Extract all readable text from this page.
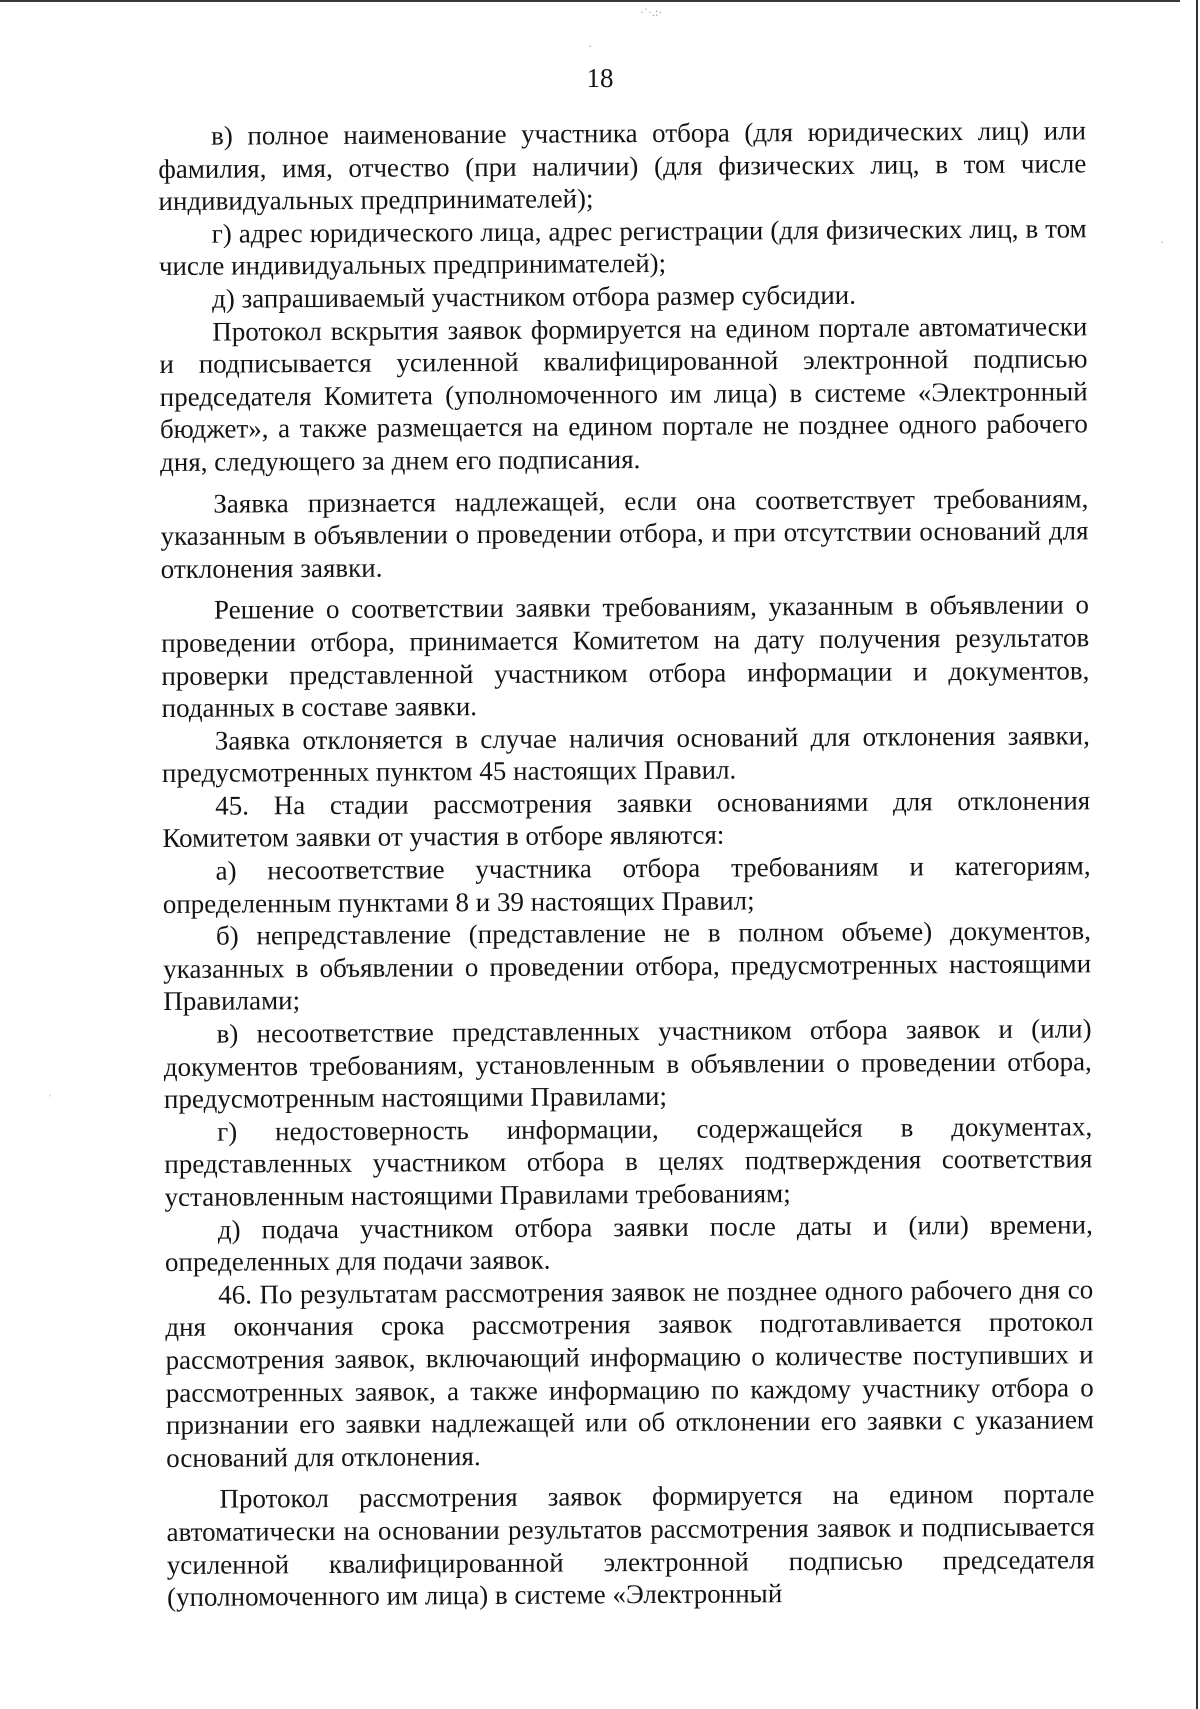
·˙·.:·
·
·
ˌ
18

в) полное наименование участника отбора (для юридических лиц) или фамилия, имя, отчество (при наличии) (для физических лиц, в том числе индивидуальных предпринимателей);

г) адрес юридического лица, адрес регистрации (для физических лиц, в том числе индивидуальных предпринимателей);

д) запрашиваемый участником отбора размер субсидии.

Протокол вскрытия заявок формируется на едином портале автоматически и подписывается усиленной квалифицированной электронной подписью председателя Комитета (уполномоченного им лица) в системе «Электронный бюджет», а также размещается на едином портале не позднее одного рабочего дня, следующего за днем его подписания.

Заявка признается надлежащей, если она соответствует требованиям, указанным в объявлении о проведении отбора, и при отсутствии оснований для отклонения заявки.

Решение о соответствии заявки требованиям, указанным в объявлении о проведении отбора, принимается Комитетом на дату получения результатов проверки представленной участником отбора информации и документов, поданных в составе заявки.

Заявка отклоняется в случае наличия оснований для отклонения заявки, предусмотренных пунктом 45 настоящих Правил.

45. На стадии рассмотрения заявки основаниями для отклонения Комитетом заявки от участия в отборе являются:

а) несоответствие участника отбора требованиям и категориям, определенным пунктами 8 и 39 настоящих Правил;

б) непредставление (представление не в полном объеме) документов, указанных в объявлении о проведении отбора, предусмотренных настоящими Правилами;

в) несоответствие представленных участником отбора заявок и (или) документов требованиям, установленным в объявлении о проведении отбора, предусмотренным настоящими Правилами;

г) недостоверность информации, содержащейся в документах, представленных участником отбора в целях подтверждения соответствия установленным настоящими Правилами требованиям;

д) подача участником отбора заявки после даты и (или) времени, определенных для подачи заявок.

46. По результатам рассмотрения заявок не позднее одного рабочего дня со дня окончания срока рассмотрения заявок подготавливается протокол рассмотрения заявок, включающий информацию о количестве поступивших и рассмотренных заявок, а также информацию по каждому участнику отбора о признании его заявки надлежащей или об отклонении его заявки с указанием оснований для отклонения.

Протокол рассмотрения заявок формируется на едином портале автоматически на основании результатов рассмотрения заявок и подписывается усиленной квалифицированной электронной подписью председателя (уполномоченного им лица) в системе «Электронный
